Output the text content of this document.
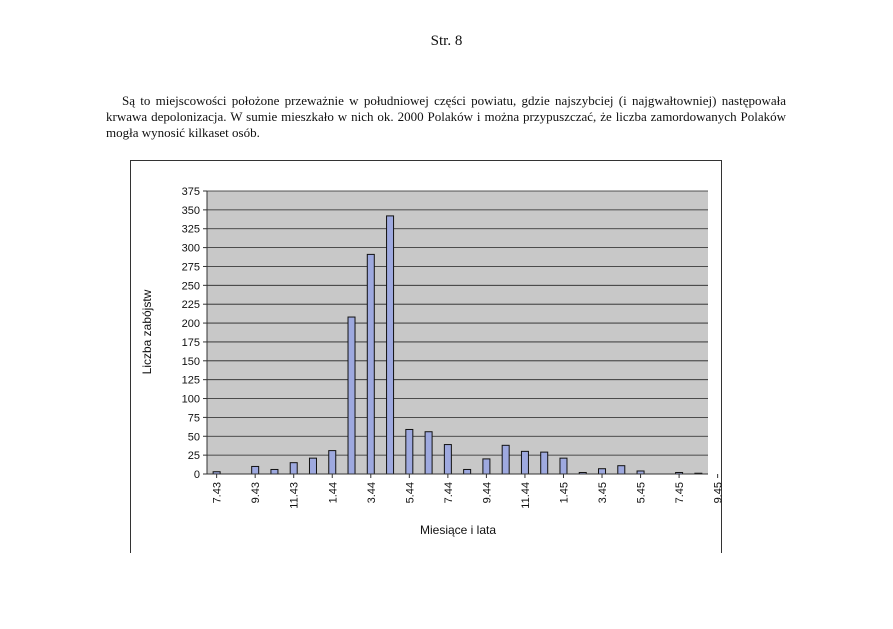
Str. 8

Są to miejscowości położone przeważnie w południowej części powiatu, gdzie najszybciej (i najgwałtowniej) następowała krwawa depolonizacja. W sumie mieszkało w nich ok. 2000 Polaków i można przypuszczać, że liczba zamordowanych Polaków mogła wynosić kilkaset osób.

0
25
50
75
100
125
150
175
200
225
250
275
300
325
350
375
7.43 9.43 11.43 1.44 3.44 5.44 7.44 9.44 11.44 1.45 3.45 5.45 7.45 9.45
Miesiące i lata
Liczba zabójstw
